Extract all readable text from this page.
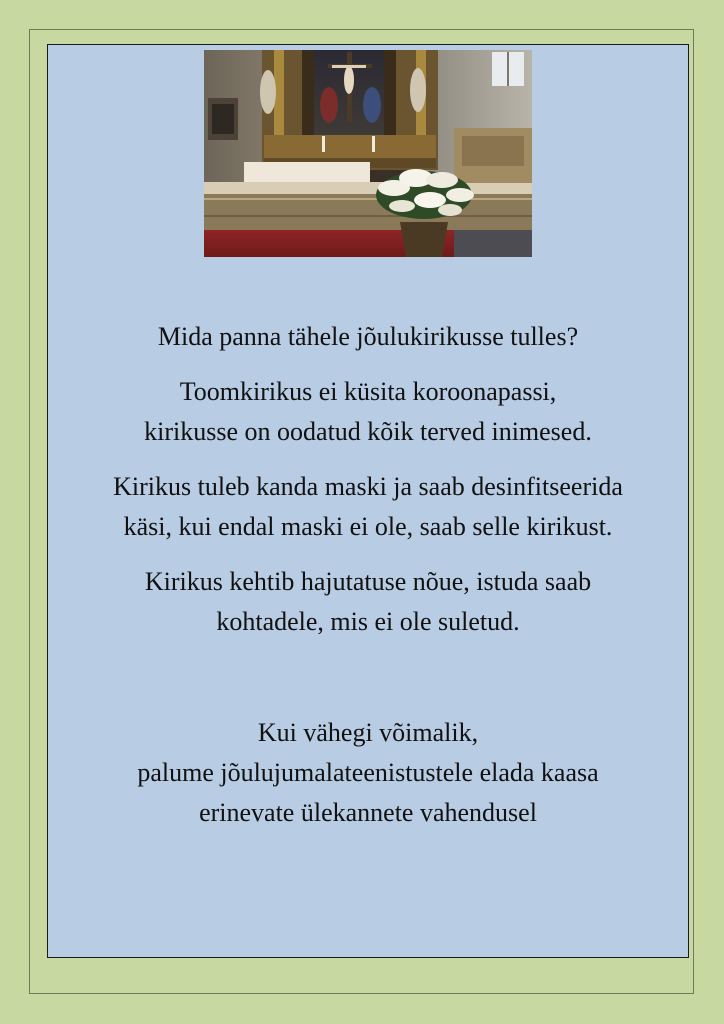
Mida panna tähele jõulukirikusse tulles?
Toomkirikus ei küsita koroonapassi,
kirikusse on oodatud kõik terved inimesed.
Kirikus tuleb kanda maski ja saab desinfitseerida
käsi, kui endal maski ei ole, saab selle kirikust.
Kirikus kehtib hajutatuse nõue, istuda saab
kohtadele, mis ei ole suletud.
Kui vähegi võimalik,
palume jõulujumalateenistustele elada kaasa
erinevate ülekannete vahendusel
